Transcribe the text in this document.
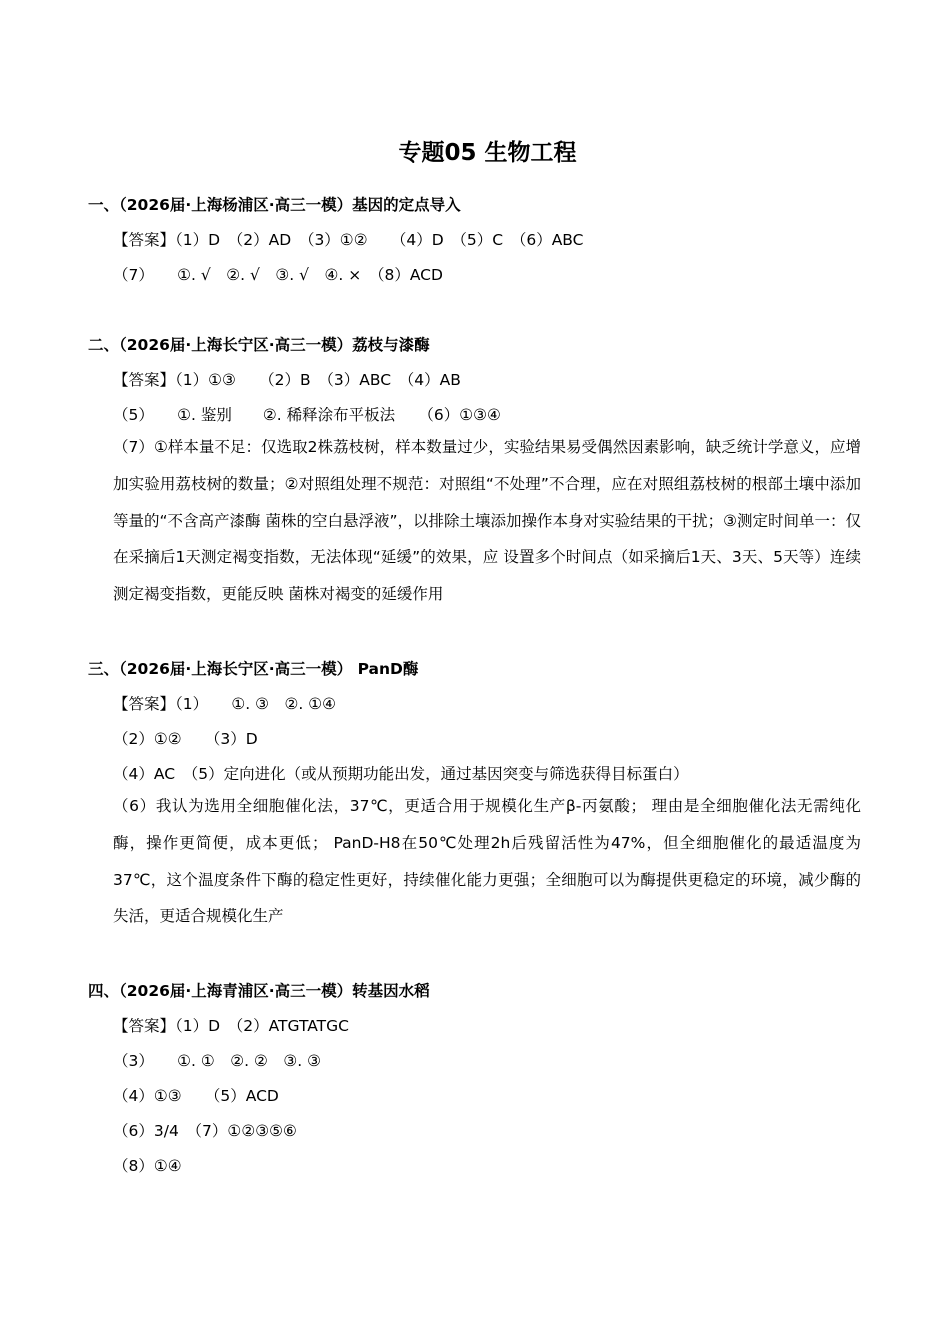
专题05 生物工程
一、（2026届·上海杨浦区·高三一模）基因的定点导入
【答案】（1）D　（2）AD　（3）①②　　（4）D　（5）C　（6）ABC
（7）　　①. √　②. √　③. √　④. ×　（8）ACD
二、（2026届·上海长宁区·高三一模）荔枝与漆酶
【答案】（1）①③　　（2）B　（3）ABC　（4）AB
（5）　　①. 鉴别　　②. 稀释涂布平板法　　（6）①③④
（7）①样本量不足：仅选取2株荔枝树，样本数量过少，实验结果易受偶然因素影响，缺乏统计学意义，应增加实验用荔枝树的数量；②对照组处理不规范：对照组“不处理”不合理，应在对照组荔枝树的根部土壤中添加等量的“不含高产漆酶 菌株的空白悬浮液”，以排除土壤添加操作本身对实验结果的干扰；③测定时间单一：仅在采摘后1天测定褐变指数，无法体现“延缓”的效果，应 设置多个时间点（如采摘后1天、3天、5天等）连续测定褐变指数，更能反映 菌株对褐变的延缓作用
三、（2026届·上海长宁区·高三一模） PanD酶
【答案】（1）　　①. ③　②. ①④
（2）①②　　（3）D
（4）AC　（5）定向进化（或从预期功能出发，通过基因突变与筛选获得目标蛋白）
（6）我认为选用全细胞催化法，37℃，更适合用于规模化生产β-丙氨酸； 理由是全细胞催化法无需纯化酶，操作更简便，成本更低； PanD-H8在50℃处理2h后残留活性为47%，但全细胞催化的最适温度为37℃，这个温度条件下酶的稳定性更好，持续催化能力更强；全细胞可以为酶提供更稳定的环境，减少酶的失活，更适合规模化生产
四、（2026届·上海青浦区·高三一模）转基因水稻
【答案】（1）D　（2）ATGTATGC
（3）　　①. ①　②. ②　③. ③
（4）①③　　（5）ACD
（6）3/4　（7）①②③⑤⑥
（8）①④
